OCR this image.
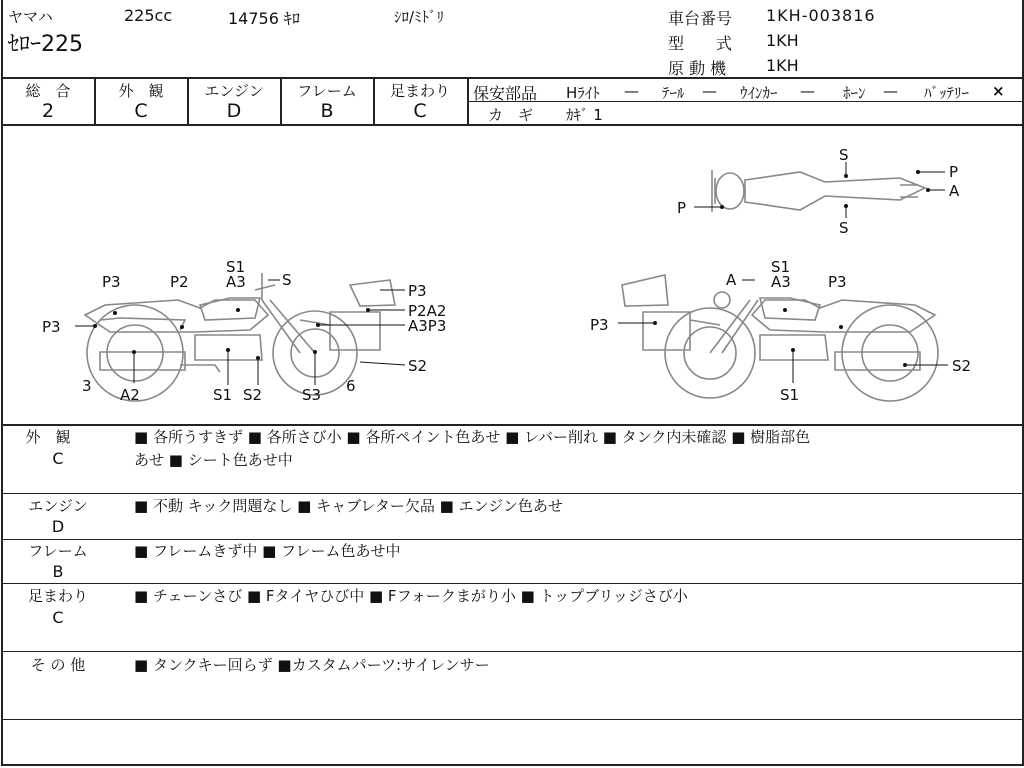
ヤマハ	225cc	14756 ｷﾛ	ｼﾛ/ﾐﾄﾞﾘ
ｾﾛｰ225
車台番号 1KH-003816
型　　式 1KH
原 動 機 1KH
総　合
2
外　観
C
エンジン
D
フレーム
B
足まわり
C
保安部品 Hﾗｲﾄ — ﾃｰﾙ — ｳｲﾝｶｰ — ﾎｰﾝ — ﾊﾞｯﾃﾘｰ ×
カ　ギ ｶｷﾞ 1
P3	P2
S1
A3 S
P3
P3
P2A2
A3P3
S2
6
3 A2	S1 S2	S3
A
S1
A3 P3
P3
S2
S1
S
P
A
P
S
外　観
C
■ 各所うすきず ■ 各所さび小 ■ 各所ペイント色あせ ■ レバー削れ ■ タンク内未確認 ■ 樹脂部色
あせ ■ シート色あせ中
エンジン
D
■ 不動 キック問題なし ■ キャブレター欠品 ■ エンジン色あせ
フレーム
B
■ フレームきず中 ■ フレーム色あせ中
足まわり
C
■ チェーンさび ■ Fタイヤひび中 ■ Fフォークまがり小 ■ トップブリッジさび小
そ の 他	■ タンクキー回らず ■カスタムパーツ:サイレンサー
